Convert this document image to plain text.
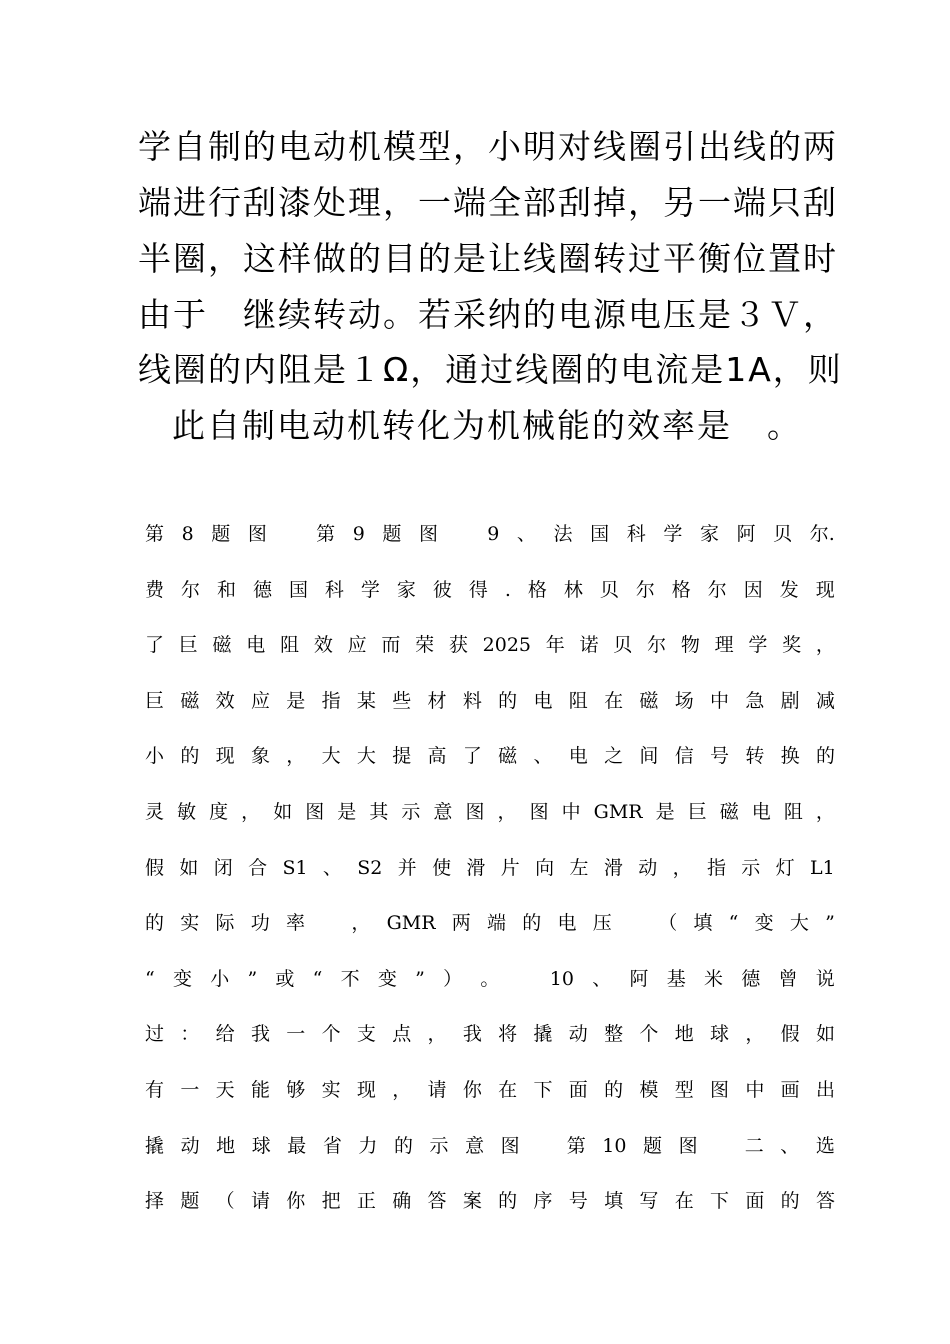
学自制的电动机模型，小明对线圈引出线的两
端进行刮漆处理，一端全部刮掉，另一端只刮
半圈，这样做的目的是让线圈转过平衡位置时
由于　继续转动。若采纳的电源电压是３Ｖ，
线圈的内阻是１Ω，通过线圈的电流是1A，则
此自制电动机转化为机械能的效率是　。
第 8 题 图	第 9 题 图	9 、 法 国 科 学 家 阿 贝 尔.
费 尔 和 德 国 科 学 家 彼 得 . 格 林 贝 尔 格 尔 因 发 现
了 巨 磁 电 阻 效 应 而 荣 获 2025 年 诺 贝 尔 物 理 学 奖 ，
巨 磁 效 应 是 指 某 些 材 料 的 电 阻 在 磁 场 中 急 剧 减
小 的 现 象 ， 大 大 提 高 了 磁 、 电 之 间 信 号 转 换 的
灵 敏 度 ， 如 图 是 其 示 意 图 ， 图 中 GMR 是 巨 磁 电 阻 ，
假 如 闭 合 S1 、 S2 并 使 滑 片 向 左 滑 动 ， 指 示 灯 L1
的 实 际 功 率 ， GMR 两 端 的 电 压 （ 填 “ 变 大 ”
“ 变 小 ” 或 “ 不 变 ” ） 。	10 、 阿 基 米 德 曾 说
过 ： 给 我 一 个 支 点 ， 我 将 撬 动 整 个 地 球 ， 假 如
有 一 天 能 够 实 现 ， 请 你 在 下 面 的 模 型 图 中 画 出
撬 动 地 球 最 省 力 的 示 意 图 第 10 题 图 二 、 选
择 题 （ 请 你 把 正 确 答 案 的 序 号 填 写 在 下 面 的 答
